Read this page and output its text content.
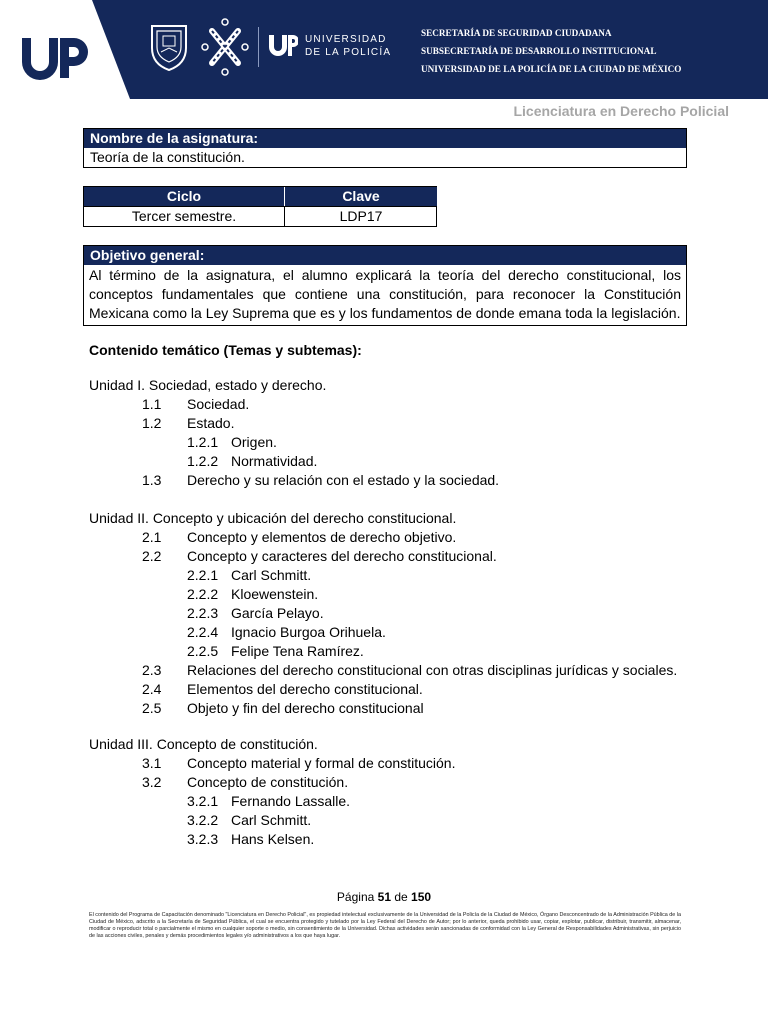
UNIVERSIDAD
DE LA POLICÍA
SECRETARÍA DE SEGURIDAD CIUDADANA
SUBSECRETARÍA DE DESARROLLO INSTITUCIONAL
UNIVERSIDAD DE LA POLICÍA DE LA CIUDAD DE MÉXICO
Licenciatura en Derecho Policial
Nombre de la asignatura:
Teoría de la constitución.
Ciclo	Clave
Tercer semestre.	LDP17
Objetivo general:
Al término de la asignatura, el alumno explicará la teoría del derecho constitucional, los conceptos fundamentales que contiene una constitución, para reconocer la Constitución Mexicana como la Ley Suprema que es y los fundamentos de donde emana toda la legislación.
Contenido temático (Temas y subtemas):
Unidad I. Sociedad, estado y derecho.
1.1 Sociedad.
1.2 Estado.
1.2.1 Origen.
1.2.2 Normatividad.
1.3 Derecho y su relación con el estado y la sociedad.
Unidad II. Concepto y ubicación del derecho constitucional.
2.1 Concepto y elementos de derecho objetivo.
2.2 Concepto y caracteres del derecho constitucional.
2.2.1 Carl Schmitt.
2.2.2 Kloewenstein.
2.2.3 García Pelayo.
2.2.4 Ignacio Burgoa Orihuela.
2.2.5 Felipe Tena Ramírez.
2.3 Relaciones del derecho constitucional con otras disciplinas jurídicas y sociales.
2.4 Elementos del derecho constitucional.
2.5 Objeto y fin del derecho constitucional
Unidad III. Concepto de constitución.
3.1 Concepto material y formal de constitución.
3.2 Concepto de constitución.
3.2.1 Fernando Lassalle.
3.2.2 Carl Schmitt.
3.2.3 Hans Kelsen.
Página 51 de 150
El contenido del Programa de Capacitación denominado "Licenciatura en Derecho Policial", es propiedad intelectual exclusivamente de la Universidad de la Policía de la Ciudad de México, Órgano Desconcentrado de la Administración Pública de la Ciudad de México, adscrito a la Secretaría de Seguridad Pública, el cual se encuentra protegido y tutelado por la Ley Federal del Derecho de Autor; por lo anterior, queda prohibido usar, copiar, explotar, publicar, distribuir, transmitir, almacenar, modificar o reproducir total o parcialmente el mismo en cualquier soporte o medio, sin consentimiento de la Universidad. Dichas actividades serán sancionadas de conformidad con la Ley General de Responsabilidades Administrativas, sin perjuicio de las acciones civiles, penales y demás procedimientos legales y/o administrativos a los que haya lugar.
